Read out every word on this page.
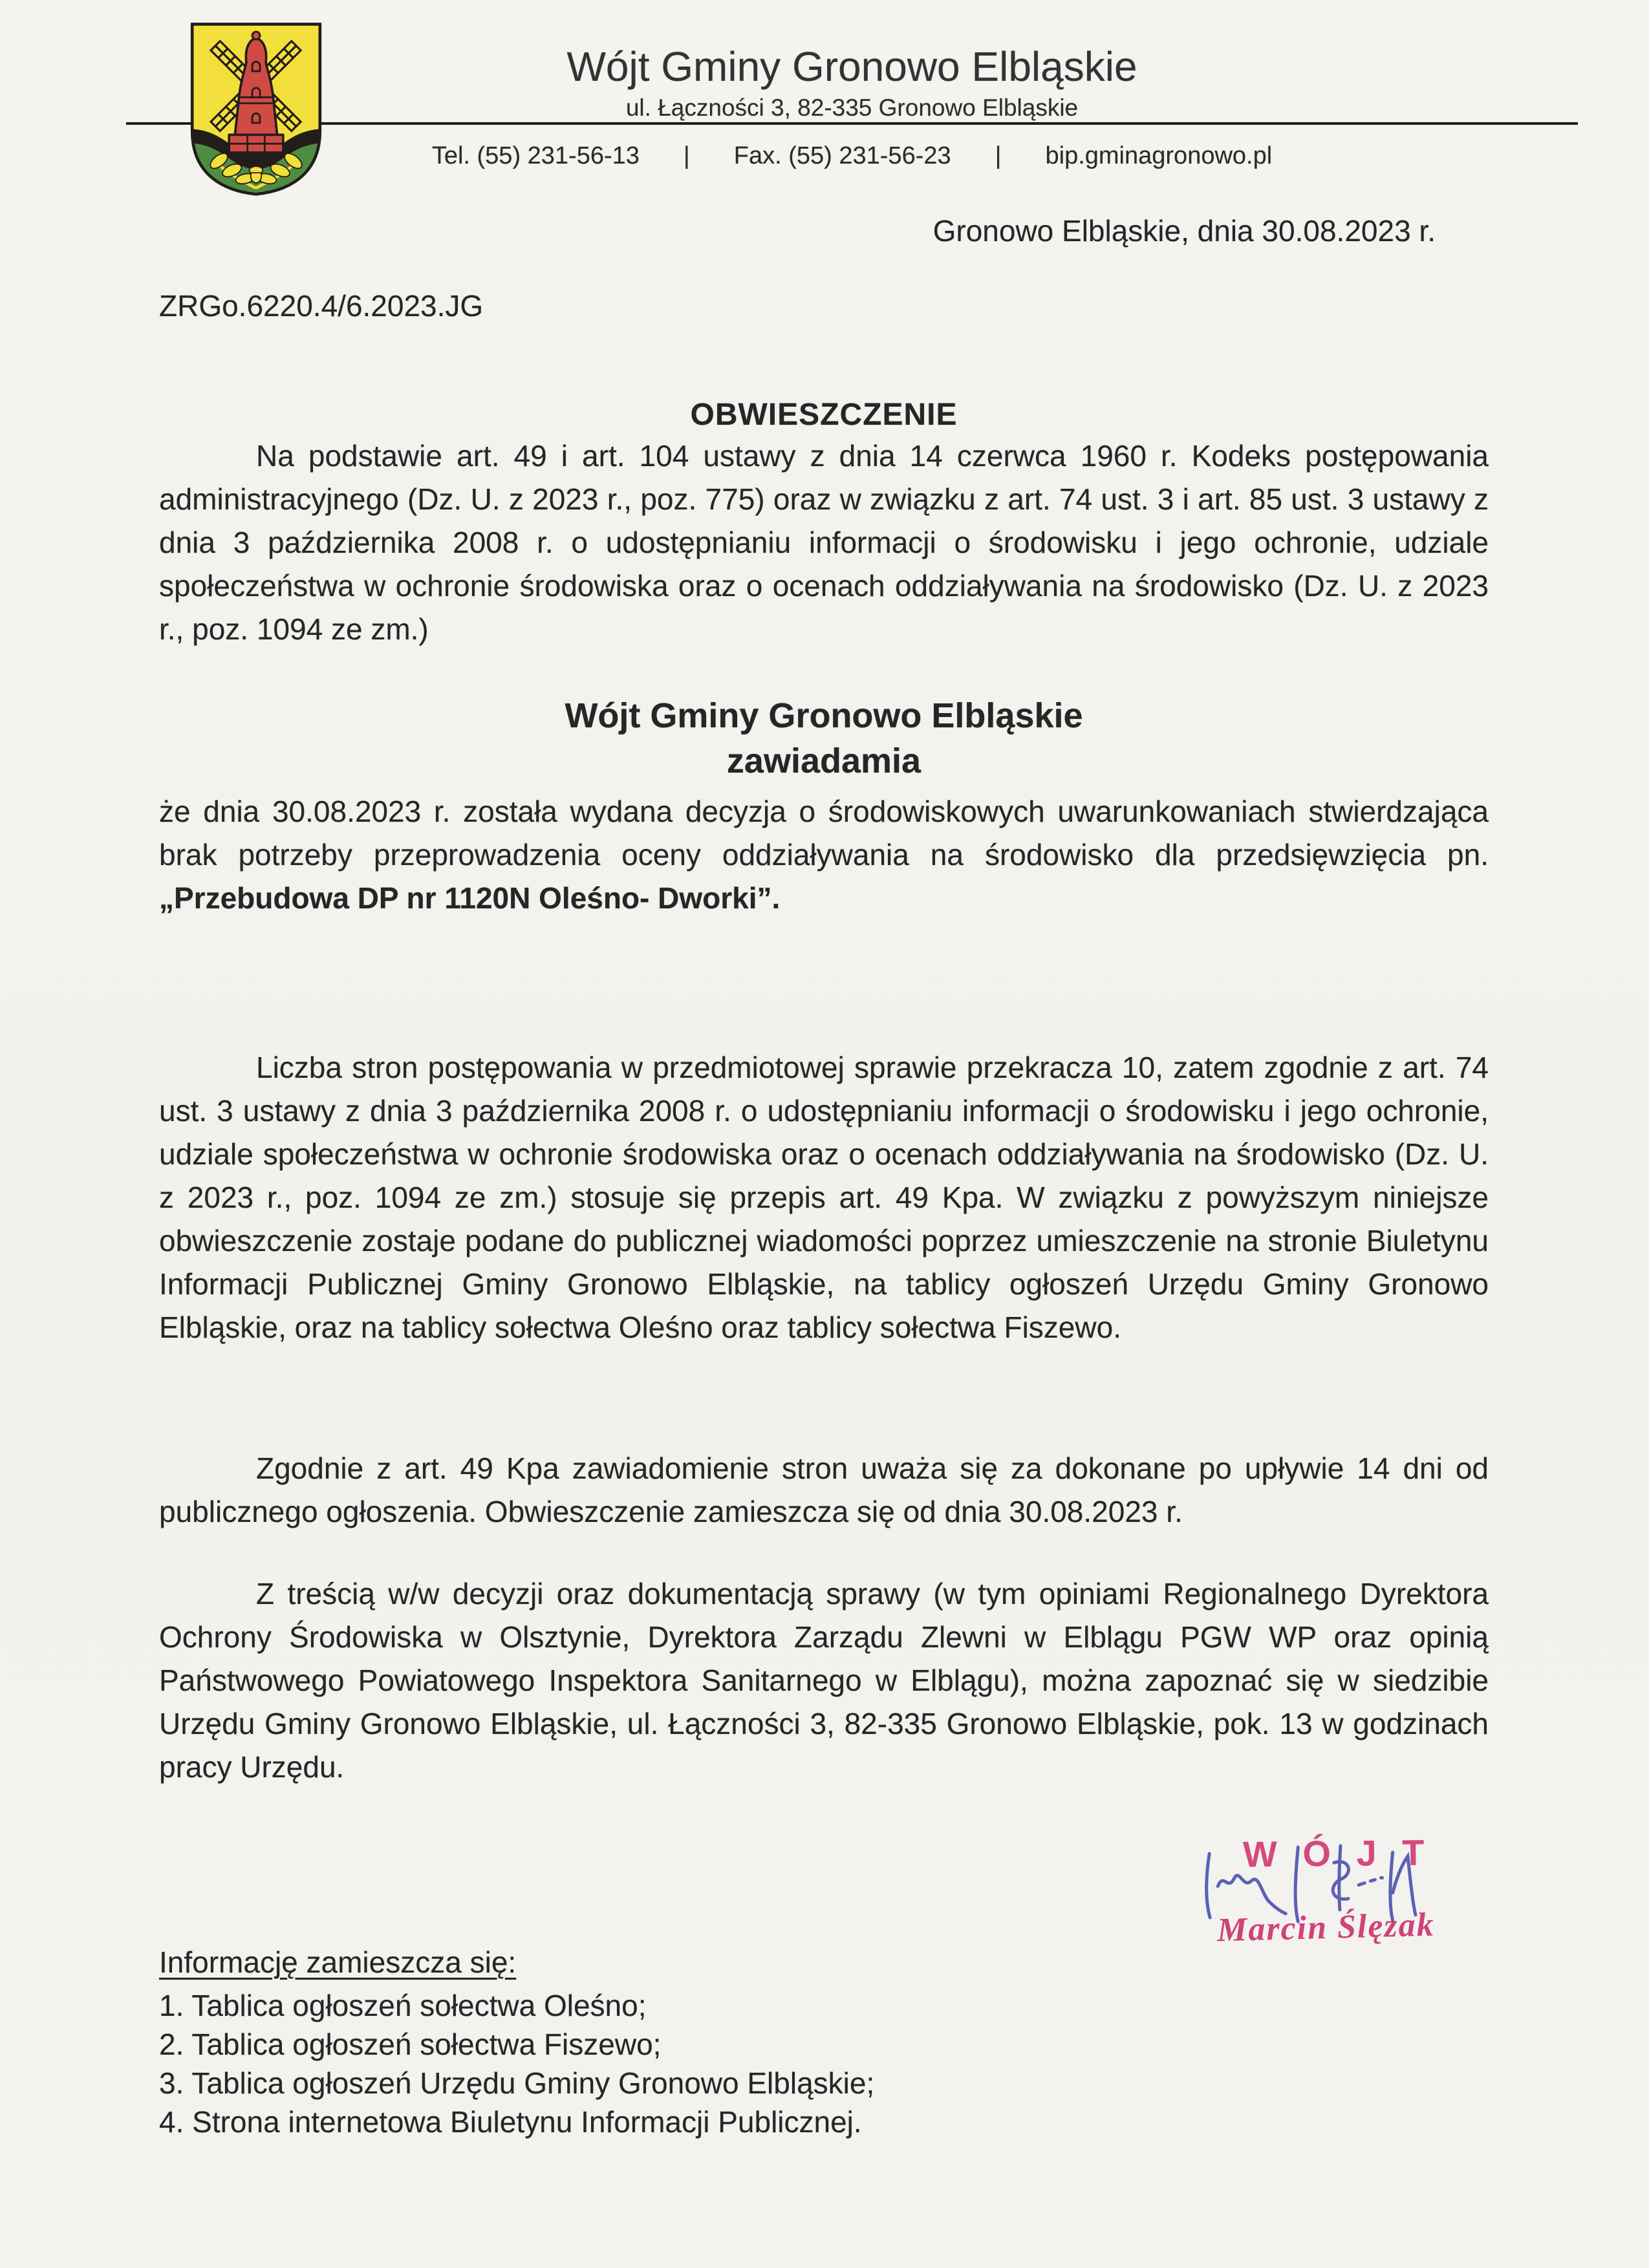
Wójt Gminy Gronowo Elbląskie
ul. Łączności 3, 82-335 Gronowo Elbląskie
Tel. (55) 231-56-13 | Fax. (55) 231-56-23 | bip.gminagronowo.pl
Gronowo Elbląskie, dnia 30.08.2023 r.
ZRGo.6220.4/6.2023.JG
OBWIESZCZENIE
Na podstawie art. 49 i art. 104 ustawy z dnia 14 czerwca 1960 r. Kodeks postępowania administracyjnego (Dz. U. z 2023 r., poz. 775) oraz w związku z art. 74 ust. 3 i art. 85 ust. 3 ustawy z dnia 3 października 2008 r. o udostępnianiu informacji o środowisku i jego ochronie, udziale społeczeństwa w ochronie środowiska oraz o ocenach oddziaływania na środowisko (Dz. U. z 2023 r., poz. 1094 ze zm.)
Wójt Gminy Gronowo Elbląskie
zawiadamia
że dnia 30.08.2023 r. została wydana decyzja o środowiskowych uwarunkowaniach stwierdzająca brak potrzeby przeprowadzenia oceny oddziaływania na środowisko dla przedsięwzięcia pn. „Przebudowa DP nr 1120N Oleśno- Dworki”.
Liczba stron postępowania w przedmiotowej sprawie przekracza 10, zatem zgodnie z art. 74 ust. 3 ustawy z dnia 3 października 2008 r. o udostępnianiu informacji o środowisku i jego ochronie, udziale społeczeństwa w ochronie środowiska oraz o ocenach oddziaływania na środowisko (Dz. U. z 2023 r., poz. 1094 ze zm.) stosuje się przepis art. 49 Kpa. W związku z powyższym niniejsze obwieszczenie zostaje podane do publicznej wiadomości poprzez umieszczenie na stronie Biuletynu Informacji Publicznej Gminy Gronowo Elbląskie, na tablicy ogłoszeń Urzędu Gminy Gronowo Elbląskie, oraz na tablicy sołectwa Oleśno oraz tablicy sołectwa Fiszewo.
Zgodnie z art. 49 Kpa zawiadomienie stron uważa się za dokonane po upływie 14 dni od publicznego ogłoszenia. Obwieszczenie zamieszcza się od dnia 30.08.2023 r.
Z treścią w/w decyzji oraz dokumentacją sprawy (w tym opiniami Regionalnego Dyrektora Ochrony Środowiska w Olsztynie, Dyrektora Zarządu Zlewni w Elblągu PGW WP oraz opinią Państwowego Powiatowego Inspektora Sanitarnego w Elblągu), można zapoznać się w siedzibie Urzędu Gminy Gronowo Elbląskie, ul. Łączności 3, 82-335 Gronowo Elbląskie, pok. 13 w godzinach pracy Urzędu.
W Ó J T
Marcin Ślęzak
Informację zamieszcza się:
1. Tablica ogłoszeń sołectwa Oleśno;
2. Tablica ogłoszeń sołectwa Fiszewo;
3. Tablica ogłoszeń Urzędu Gminy Gronowo Elbląskie;
4. Strona internetowa Biuletynu Informacji Publicznej.
